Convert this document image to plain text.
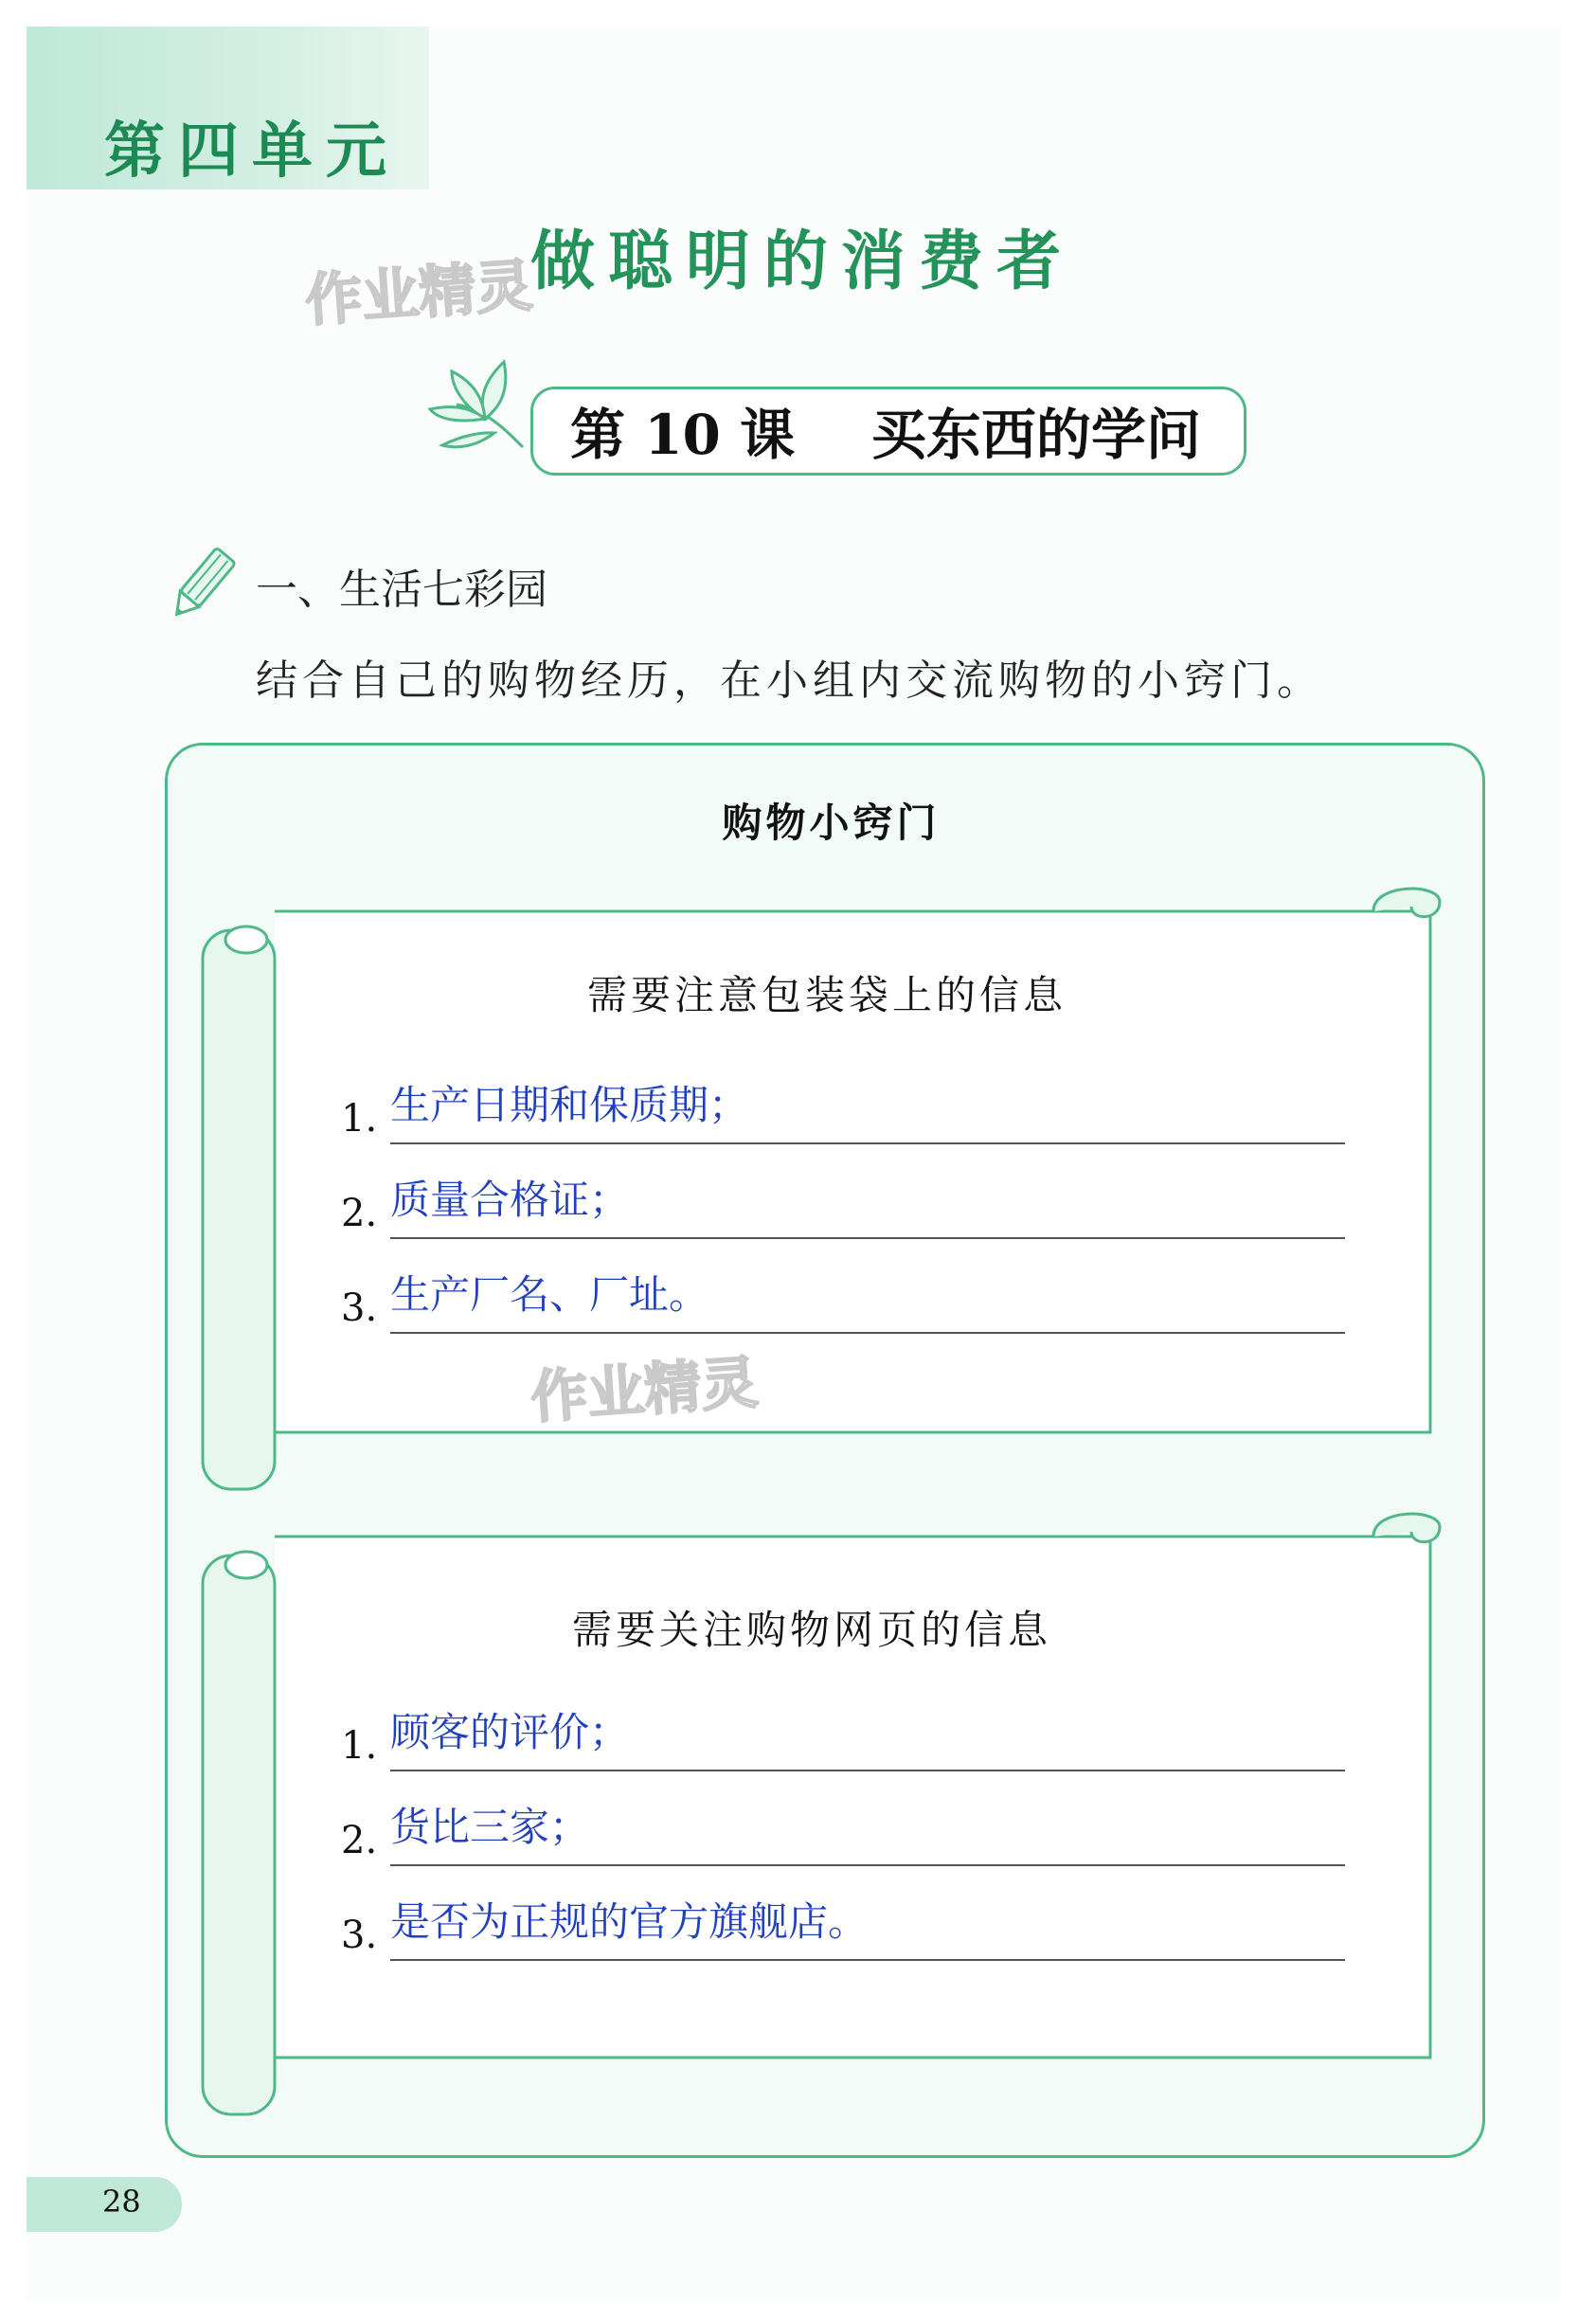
第四单元
作业精灵
做聪明的消费者
第 10 课    买东西的学问
一、生活七彩园
结合自己的购物经历，在小组内交流购物的小窍门。
购物小窍门
需要注意包装袋上的信息
1. 生产日期和保质期；
2. 质量合格证；
3. 生产厂名、厂址。
作业精灵
需要关注购物网页的信息
1. 顾客的评价；
2. 货比三家；
3. 是否为正规的官方旗舰店。
28
